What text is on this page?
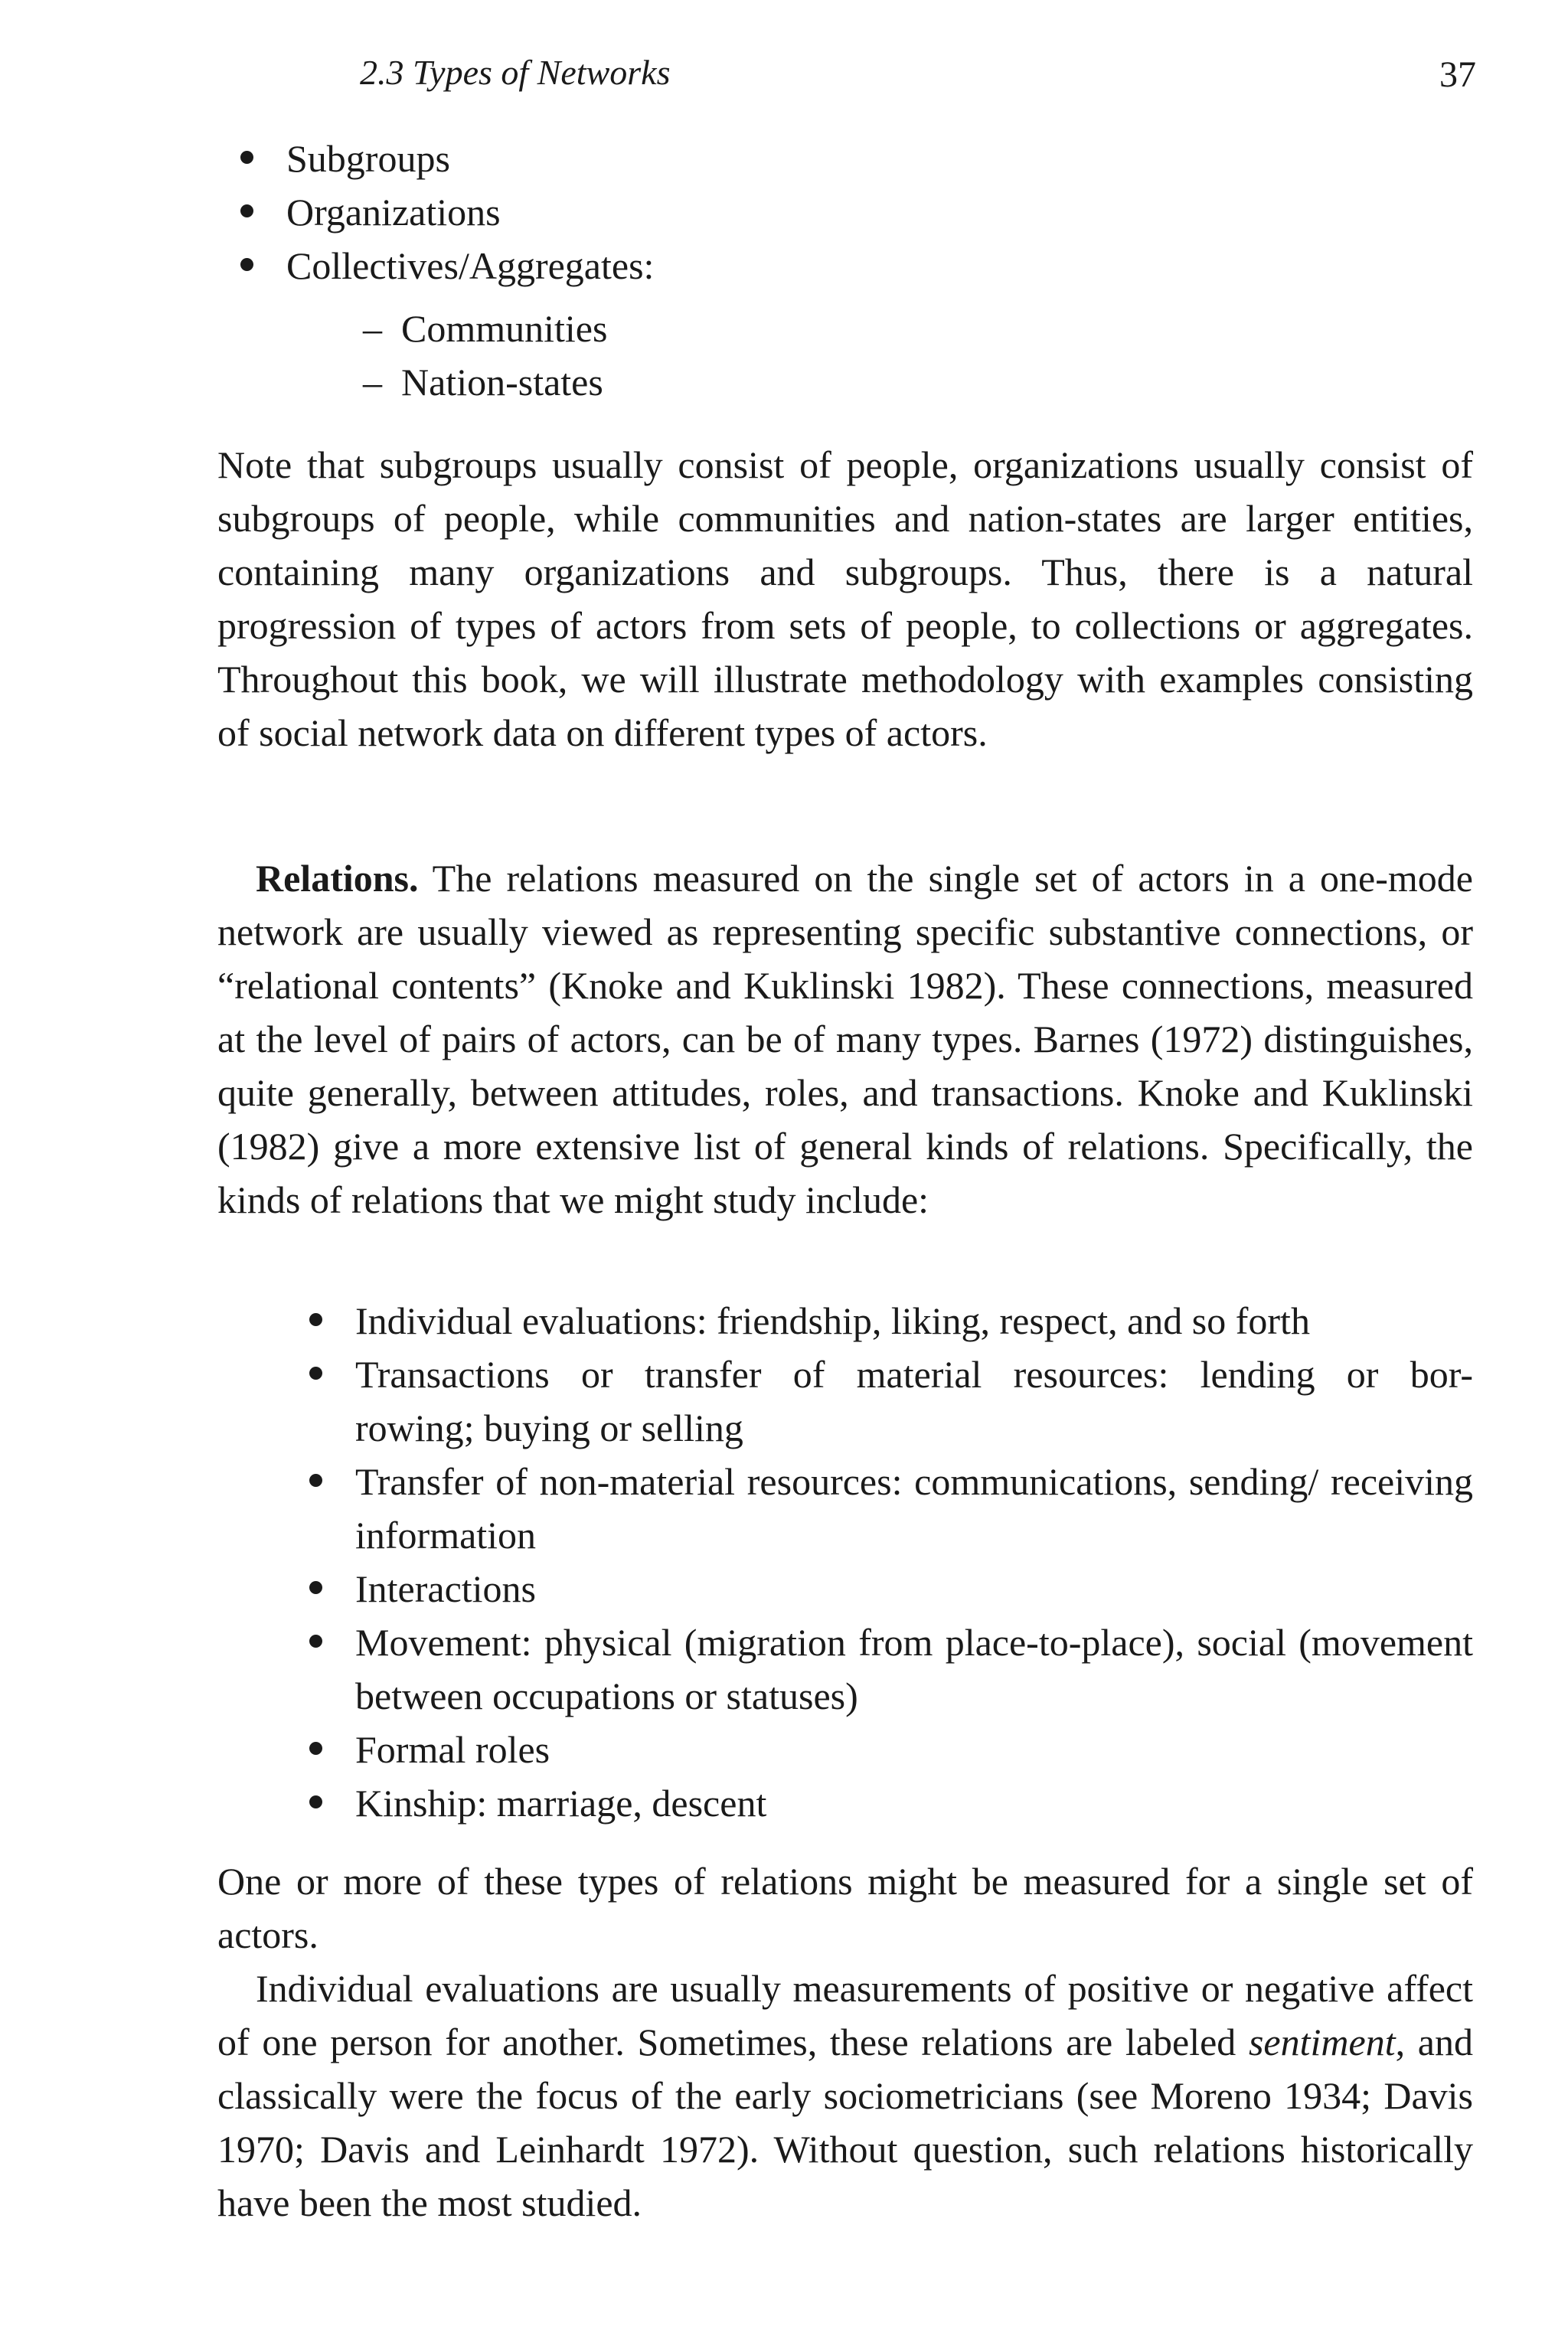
2.3 Types of Networks	37
Subgroups
Organizations
Collectives/Aggregates:
– Communities
– Nation-states

Note that subgroups usually consist of people, organizations usually consist of subgroups of people, while communities and nation-states are larger entities, containing many organizations and subgroups. Thus, there is a natural progression of types of actors from sets of people, to collections or aggregates. Throughout this book, we will illustrate methodology with examples consisting of social network data on different types of actors.

Relations. The relations measured on the single set of actors in a one-mode network are usually viewed as representing specific substantive connections, or “relational contents” (Knoke and Kuklinski 1982). These connections, measured at the level of pairs of actors, can be of many types. Barnes (1972) distinguishes, quite generally, between attitudes, roles, and transactions. Knoke and Kuklinski (1982) give a more extensive list of general kinds of relations. Specifically, the kinds of relations that we might study include:

Individual evaluations: friendship, liking, respect, and so forth
Transactions or transfer of material resources: lending or bor-
rowing; buying or selling
Transfer of non-material resources: communications, sending/ receiving information
Interactions
Movement: physical (migration from place-to-place), social (movement between occupations or statuses)
Formal roles
Kinship: marriage, descent

One or more of these types of relations might be measured for a single set of actors.

Individual evaluations are usually measurements of positive or negative affect of one person for another. Sometimes, these relations are labeled sentiment, and classically were the focus of the early sociometricians (see Moreno 1934; Davis 1970; Davis and Leinhardt 1972). Without question, such relations historically have been the most studied.
